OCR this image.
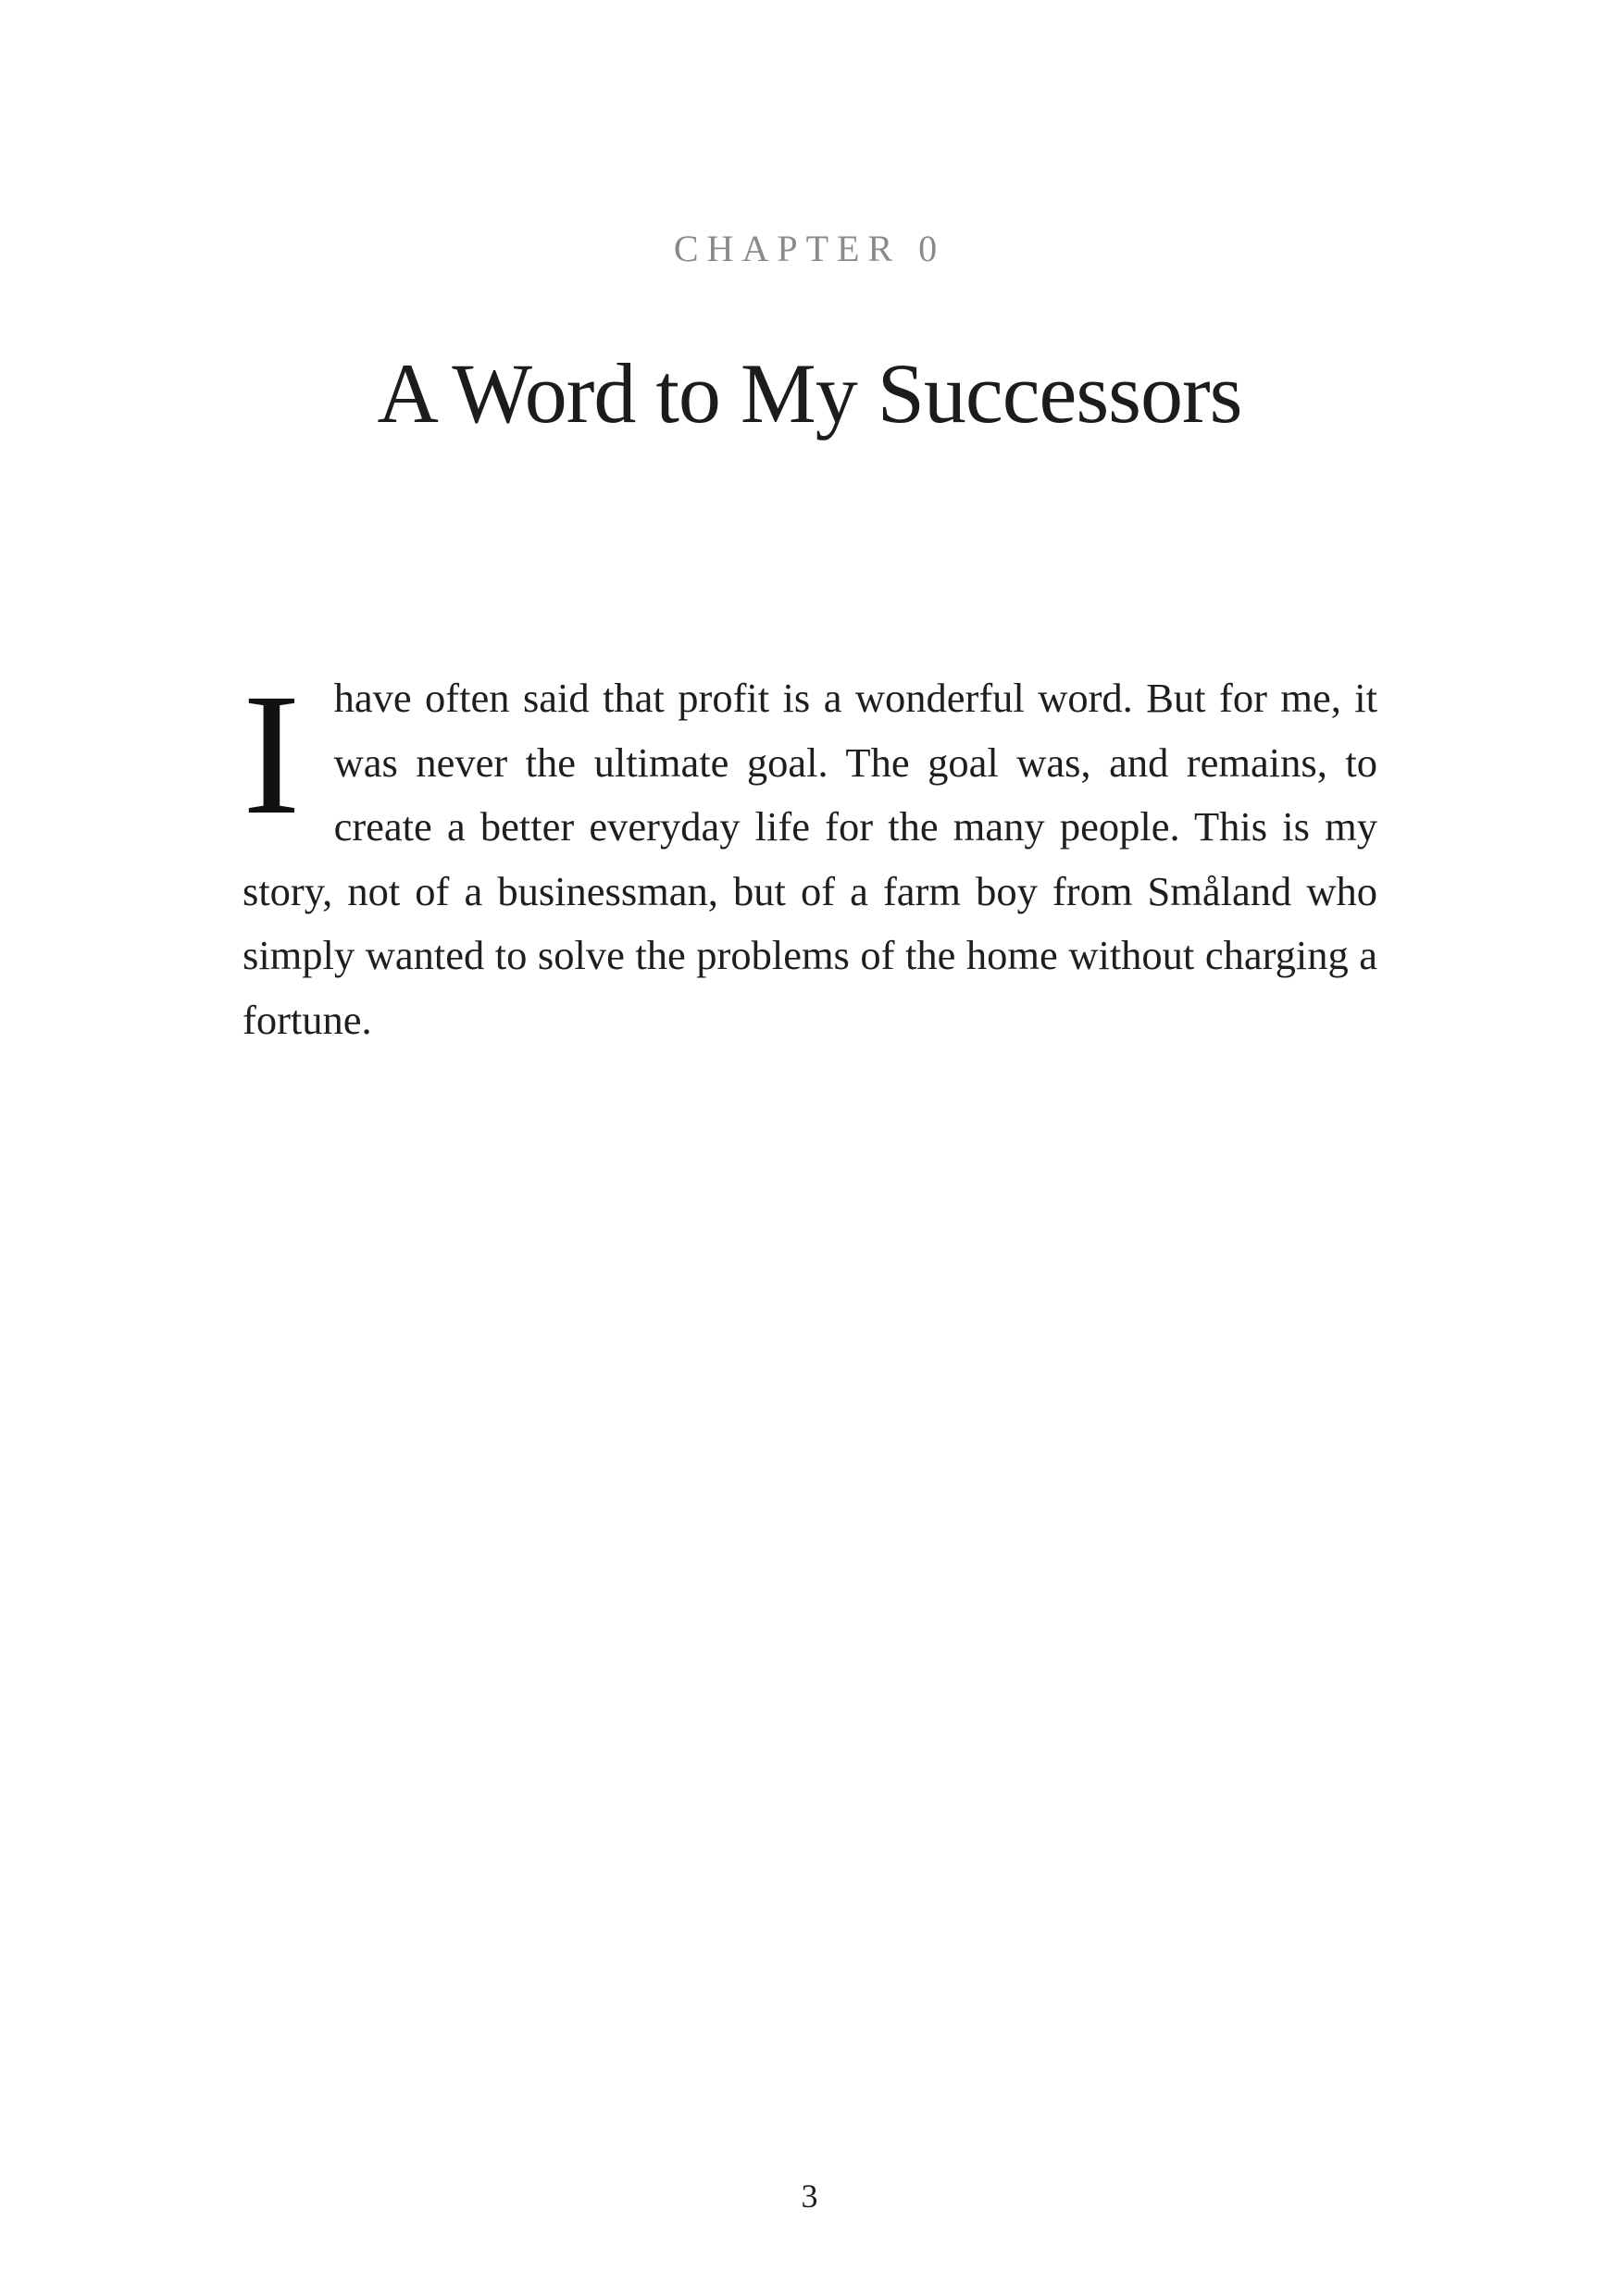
CHAPTER 0
A Word to My Successors

I have often said that profit is a wonderful word. But for me, it was never the ultimate goal. The goal was, and remains, to create a better everyday life for the many people. This is my story, not of a businessman, but of a farm boy from Småland who simply wanted to solve the problems of the home without charging a fortune.

3
